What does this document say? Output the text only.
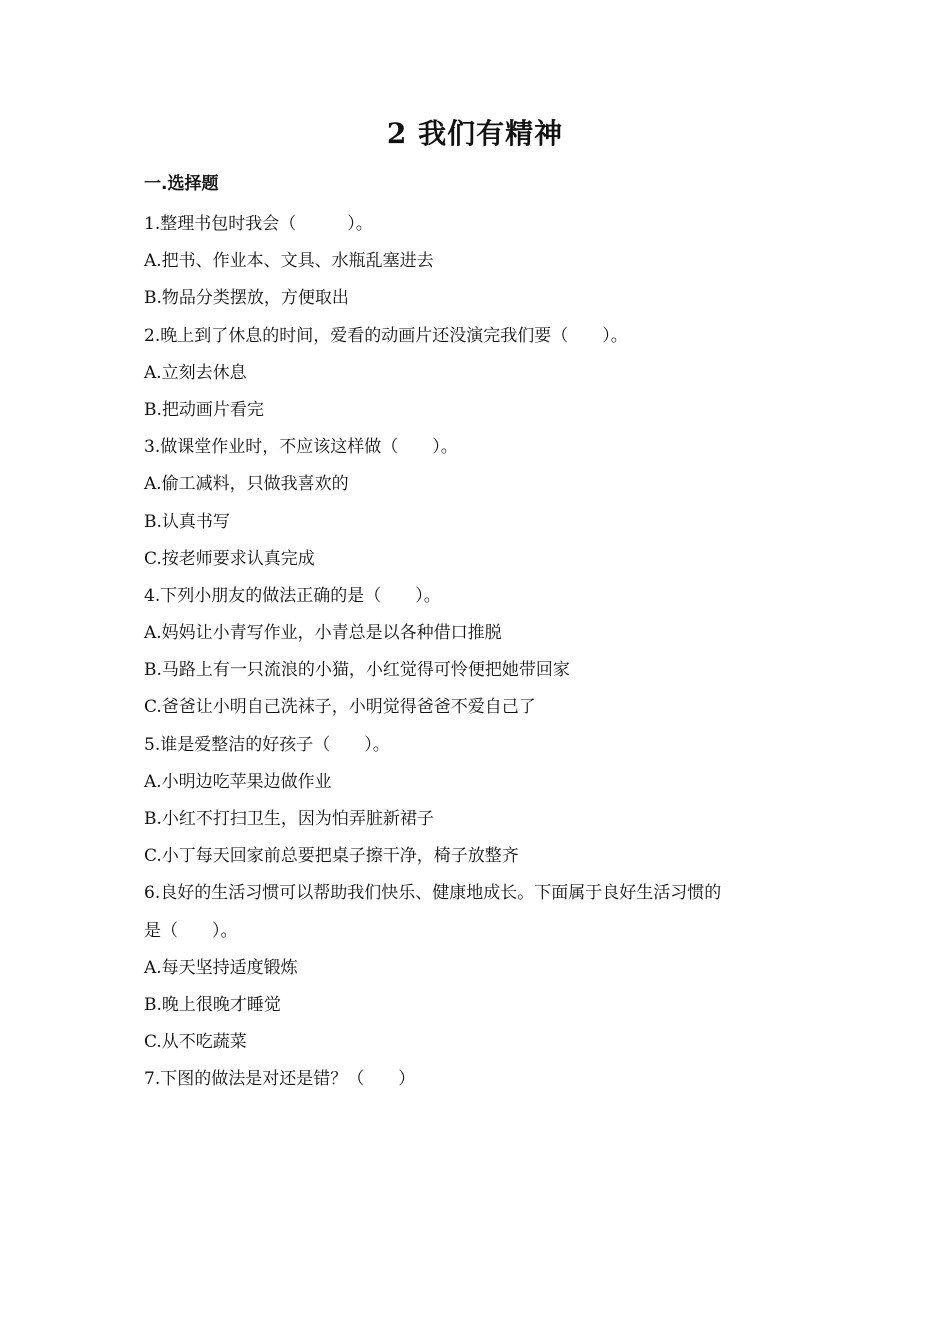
2 我们有精神
一.选择题
1.整理书包时我会（　　　）。
A.把书、作业本、文具、水瓶乱塞进去
B.物品分类摆放，方便取出
2.晚上到了休息的时间，爱看的动画片还没演完我们要（　　）。
A.立刻去休息
B.把动画片看完
3.做课堂作业时，不应该这样做（　　）。
A.偷工减料，只做我喜欢的
B.认真书写
C.按老师要求认真完成
4.下列小朋友的做法正确的是（　　）。
A.妈妈让小青写作业，小青总是以各种借口推脱
B.马路上有一只流浪的小猫，小红觉得可怜便把她带回家
C.爸爸让小明自己洗袜子，小明觉得爸爸不爱自己了
5.谁是爱整洁的好孩子（　　）。
A.小明边吃苹果边做作业
B.小红不打扫卫生，因为怕弄脏新裙子
C.小丁每天回家前总要把桌子擦干净，椅子放整齐
6.良好的生活习惯可以帮助我们快乐、健康地成长。下面属于良好生活习惯的
是（　　）。
A.每天坚持适度锻炼
B.晚上很晚才睡觉
C.从不吃蔬菜
7.下图的做法是对还是错？（　　）
